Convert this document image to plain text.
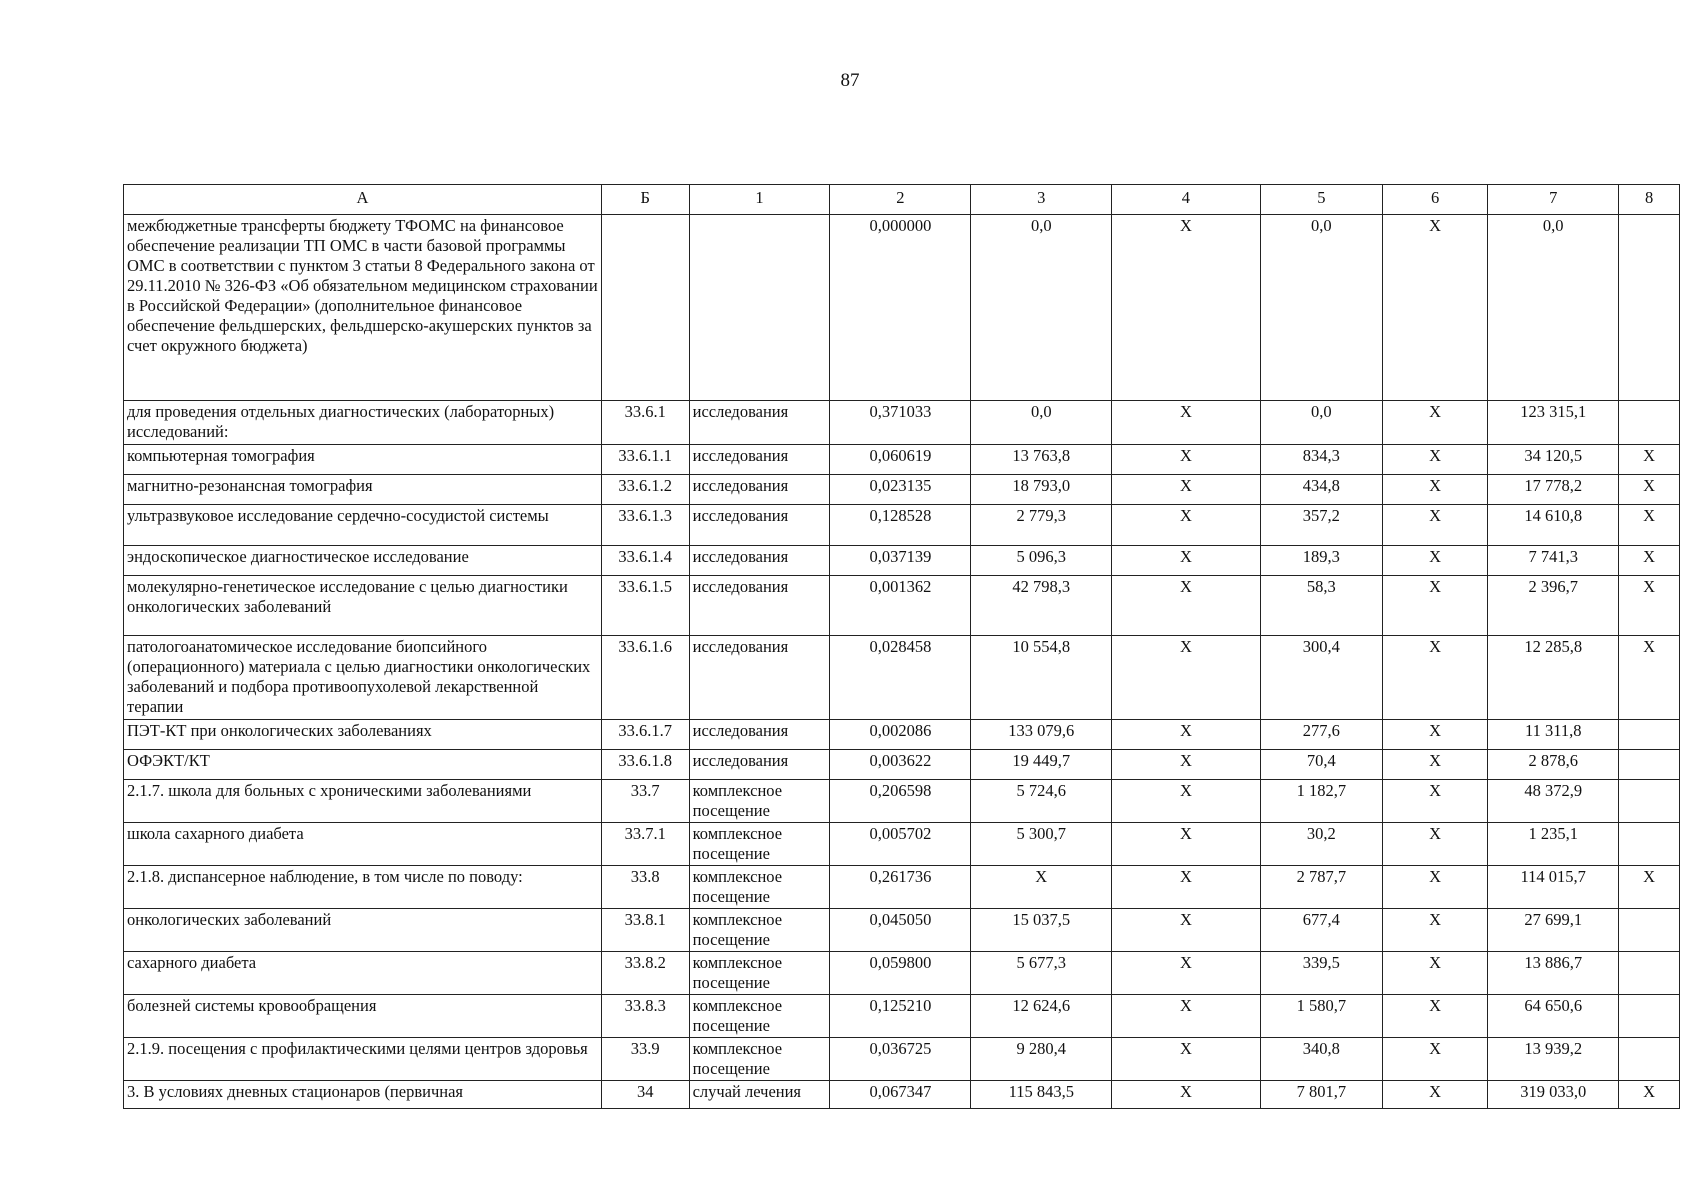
87
А	Б	1	2	3	4	5	6	7	8
межбюджетные трансферты бюджету ТФОМС на финансовое обеспечение реализации ТП ОМС в части базовой программы ОМС в соответствии с пунктом 3 статьи 8 Федерального закона от 29.11.2010 № 326-ФЗ «Об обязательном медицинском страховании в Российской Федерации» (дополнительное финансовое обеспечение фельдшерских, фельдшерско-акушерских пунктов за счет окружного бюджета)			0,000000	0,0	X	0,0	X	0,0	
для проведения отдельных диагностических (лабораторных) исследований:	33.6.1	исследования	0,371033	0,0	X	0,0	X	123 315,1	
компьютерная томография	33.6.1.1	исследования	0,060619	13 763,8	X	834,3	X	34 120,5	X
магнитно-резонансная томография	33.6.1.2	исследования	0,023135	18 793,0	X	434,8	X	17 778,2	X
ультразвуковое исследование сердечно-сосудистой системы	33.6.1.3	исследования	0,128528	2 779,3	X	357,2	X	14 610,8	X
эндоскопическое диагностическое исследование	33.6.1.4	исследования	0,037139	5 096,3	X	189,3	X	7 741,3	X
молекулярно-генетическое исследование с целью диагностики онкологических заболеваний	33.6.1.5	исследования	0,001362	42 798,3	X	58,3	X	2 396,7	X
патологоанатомическое исследование биопсийного (операционного) материала с целью диагностики онкологических заболеваний и подбора противоопухолевой лекарственной терапии	33.6.1.6	исследования	0,028458	10 554,8	X	300,4	X	12 285,8	X
ПЭТ-КТ при онкологических заболеваниях	33.6.1.7	исследования	0,002086	133 079,6	X	277,6	X	11 311,8	
ОФЭКТ/КТ	33.6.1.8	исследования	0,003622	19 449,7	X	70,4	X	2 878,6	
2.1.7. школа для больных с хроническими заболеваниями	33.7	комплексное посещение	0,206598	5 724,6	X	1 182,7	X	48 372,9	
школа сахарного диабета	33.7.1	комплексное посещение	0,005702	5 300,7	X	30,2	X	1 235,1	
2.1.8. диспансерное наблюдение, в том числе по поводу:	33.8	комплексное посещение	0,261736	X	X	2 787,7	X	114 015,7	X
онкологических заболеваний	33.8.1	комплексное посещение	0,045050	15 037,5	X	677,4	X	27 699,1	
сахарного диабета	33.8.2	комплексное посещение	0,059800	5 677,3	X	339,5	X	13 886,7	
болезней системы кровообращения	33.8.3	комплексное посещение	0,125210	12 624,6	X	1 580,7	X	64 650,6	
2.1.9. посещения с профилактическими целями центров здоровья	33.9	комплексное посещение	0,036725	9 280,4	X	340,8	X	13 939,2	
3. В условиях дневных стационаров (первичная	34	случай лечения	0,067347	115 843,5	X	7 801,7	X	319 033,0	X
